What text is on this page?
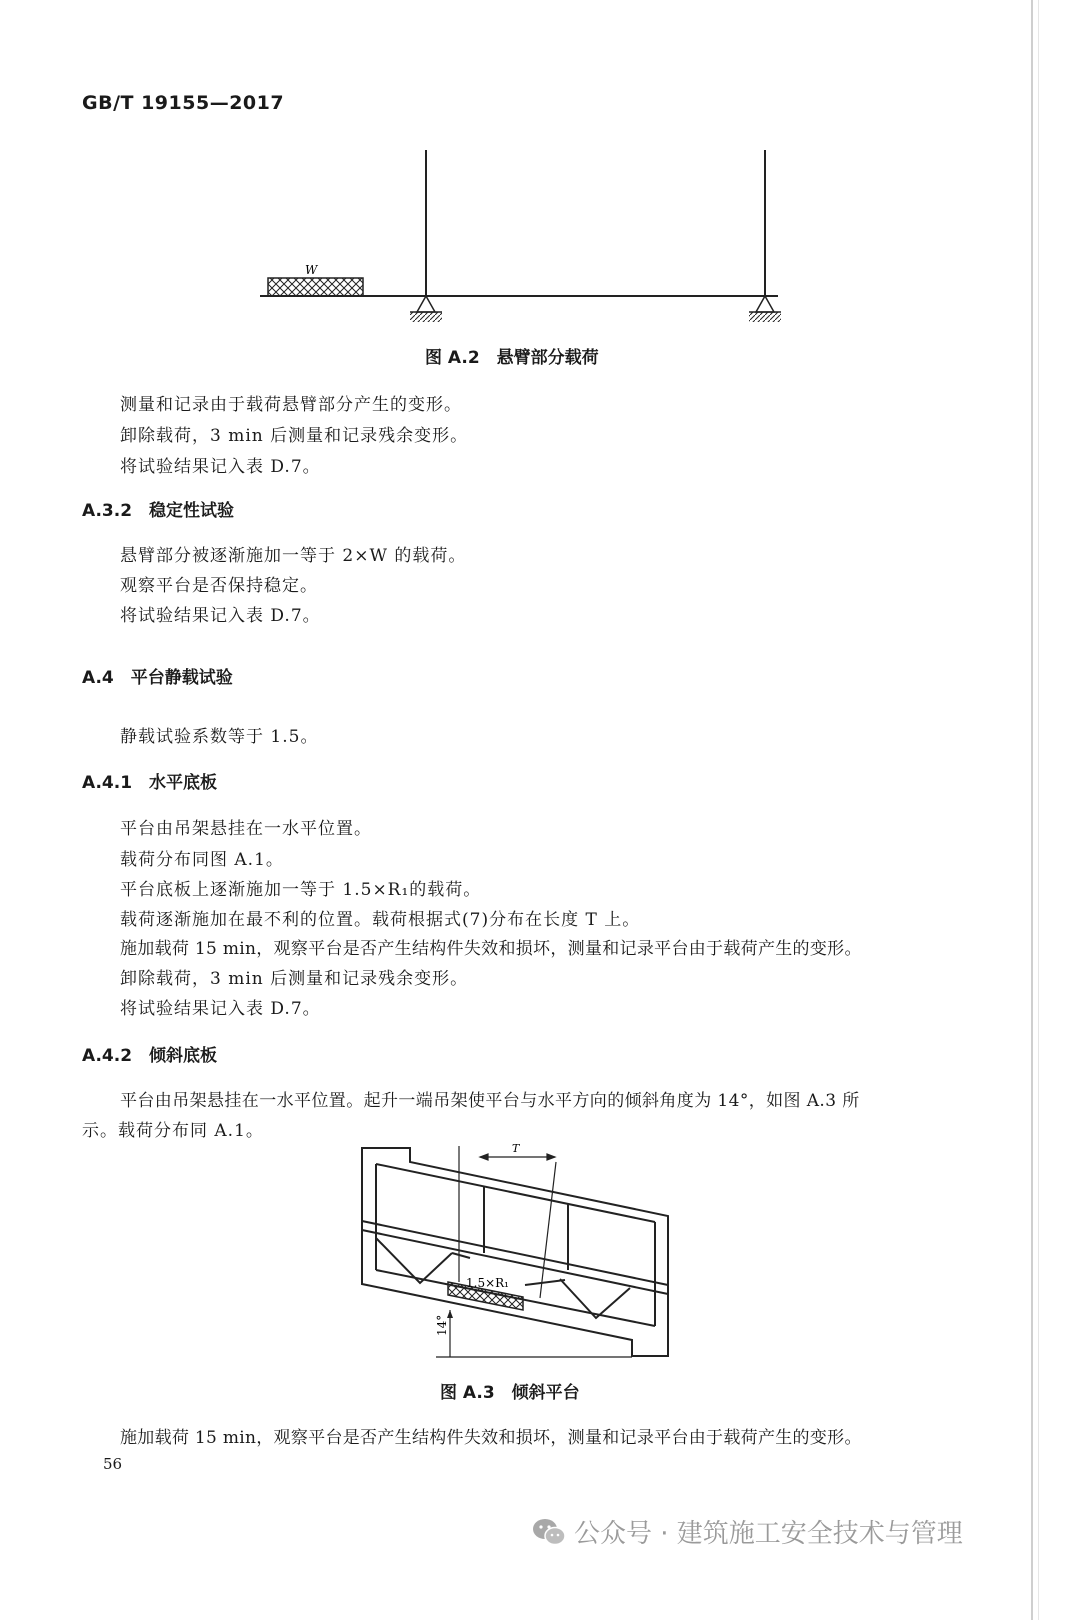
GB/T 19155—2017
W
图 A.2　悬臂部分载荷
测量和记录由于载荷悬臂部分产生的变形。
卸除载荷，3 min 后测量和记录残余变形。
将试验结果记入表 D.7。
A.3.2　稳定性试验
悬臂部分被逐渐施加一等于 2×W 的载荷。
观察平台是否保持稳定。
将试验结果记入表 D.7。
A.4　平台静载试验
静载试验系数等于 1.5。
A.4.1　水平底板
平台由吊架悬挂在一水平位置。
载荷分布同图 A.1。
平台底板上逐渐施加一等于 1.5×R₁的载荷。
载荷逐渐施加在最不利的位置。载荷根据式(7)分布在长度 T 上。
施加载荷 15 min，观察平台是否产生结构件失效和损坏，测量和记录平台由于载荷产生的变形。
卸除载荷，3 min 后测量和记录残余变形。
将试验结果记入表 D.7。
A.4.2　倾斜底板
平台由吊架悬挂在一水平位置。起升一端吊架使平台与水平方向的倾斜角度为 14°，如图 A.3 所
示。载荷分布同 A.1。
T
1.5×R₁
14°
图 A.3　倾斜平台
施加载荷 15 min，观察平台是否产生结构件失效和损坏，测量和记录平台由于载荷产生的变形。
56
公众号 · 建筑施工安全技术与管理
